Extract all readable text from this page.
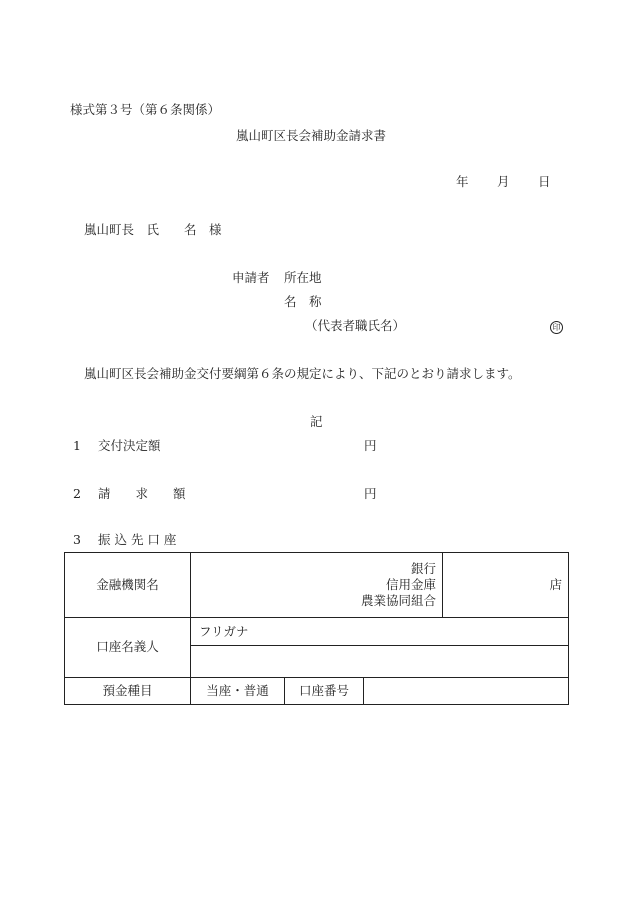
様式第３号（第６条関係）
嵐山町区長会補助金請求書
年 月 日
嵐山町長　氏　　名　様
申請者 所在地
名　称
（代表者職氏名）	印
嵐山町区長会補助金交付要綱第６条の規定により、下記のとおり請求します。
記
1 交付決定額	円
2 請　　求　　額	円
3 振 込 先 口 座
金融機関名	銀行
信用金庫
農業協同組合			店
口座名義人	フリガナ			

預金種目	当座・普通	口座番号		
